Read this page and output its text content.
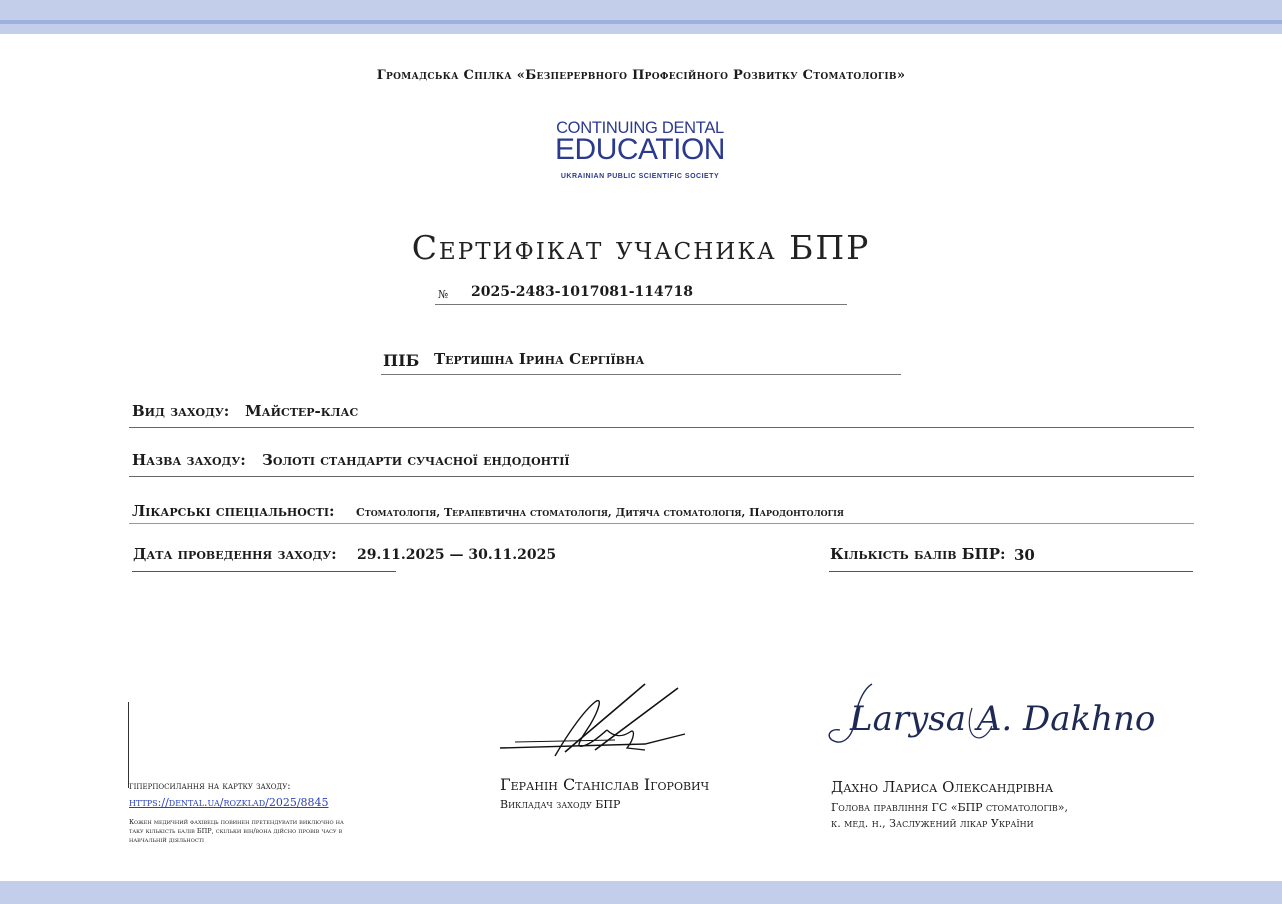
Громадська Спілка «Безперервного Професійного Розвитку Стоматологів»
CONTINUING DENTAL
EDUCATION
UKRAINIAN PUBLIC SCIENTIFIC SOCIETY
Сертифікат учасника БПР
№ 2025-2483-1017081-114718
ПІБ Тертишна Ірина Сергіївна
Вид заходу: Майстер-клас
Назва заходу: Золоті стандарти сучасної ендодонтії
Лікарські спеціальності: Стоматологія, Терапевтична стоматологія, Дитяча стоматологія, Пародонтологія
Дата проведення заходу: 29.11.2025 — 30.11.2025	Кількість балів БПР: 30
гіперпосилання на картку заходу:
https://dental.ua/rozklad/2025/8845
Кожен медичний фахівець повинен претендувати виключно на таку кількість балів БПР, скільки він/вона дійсно провів часу в навчальній діяльності
Larysa A. Dakhno
Геранін Станіслав Ігорович
Викладач заходу БПР
Дахно Лариса Олександрівна
Голова правління ГС «БПР стоматологів»,
к. мед. н., Заслужений лікар України
